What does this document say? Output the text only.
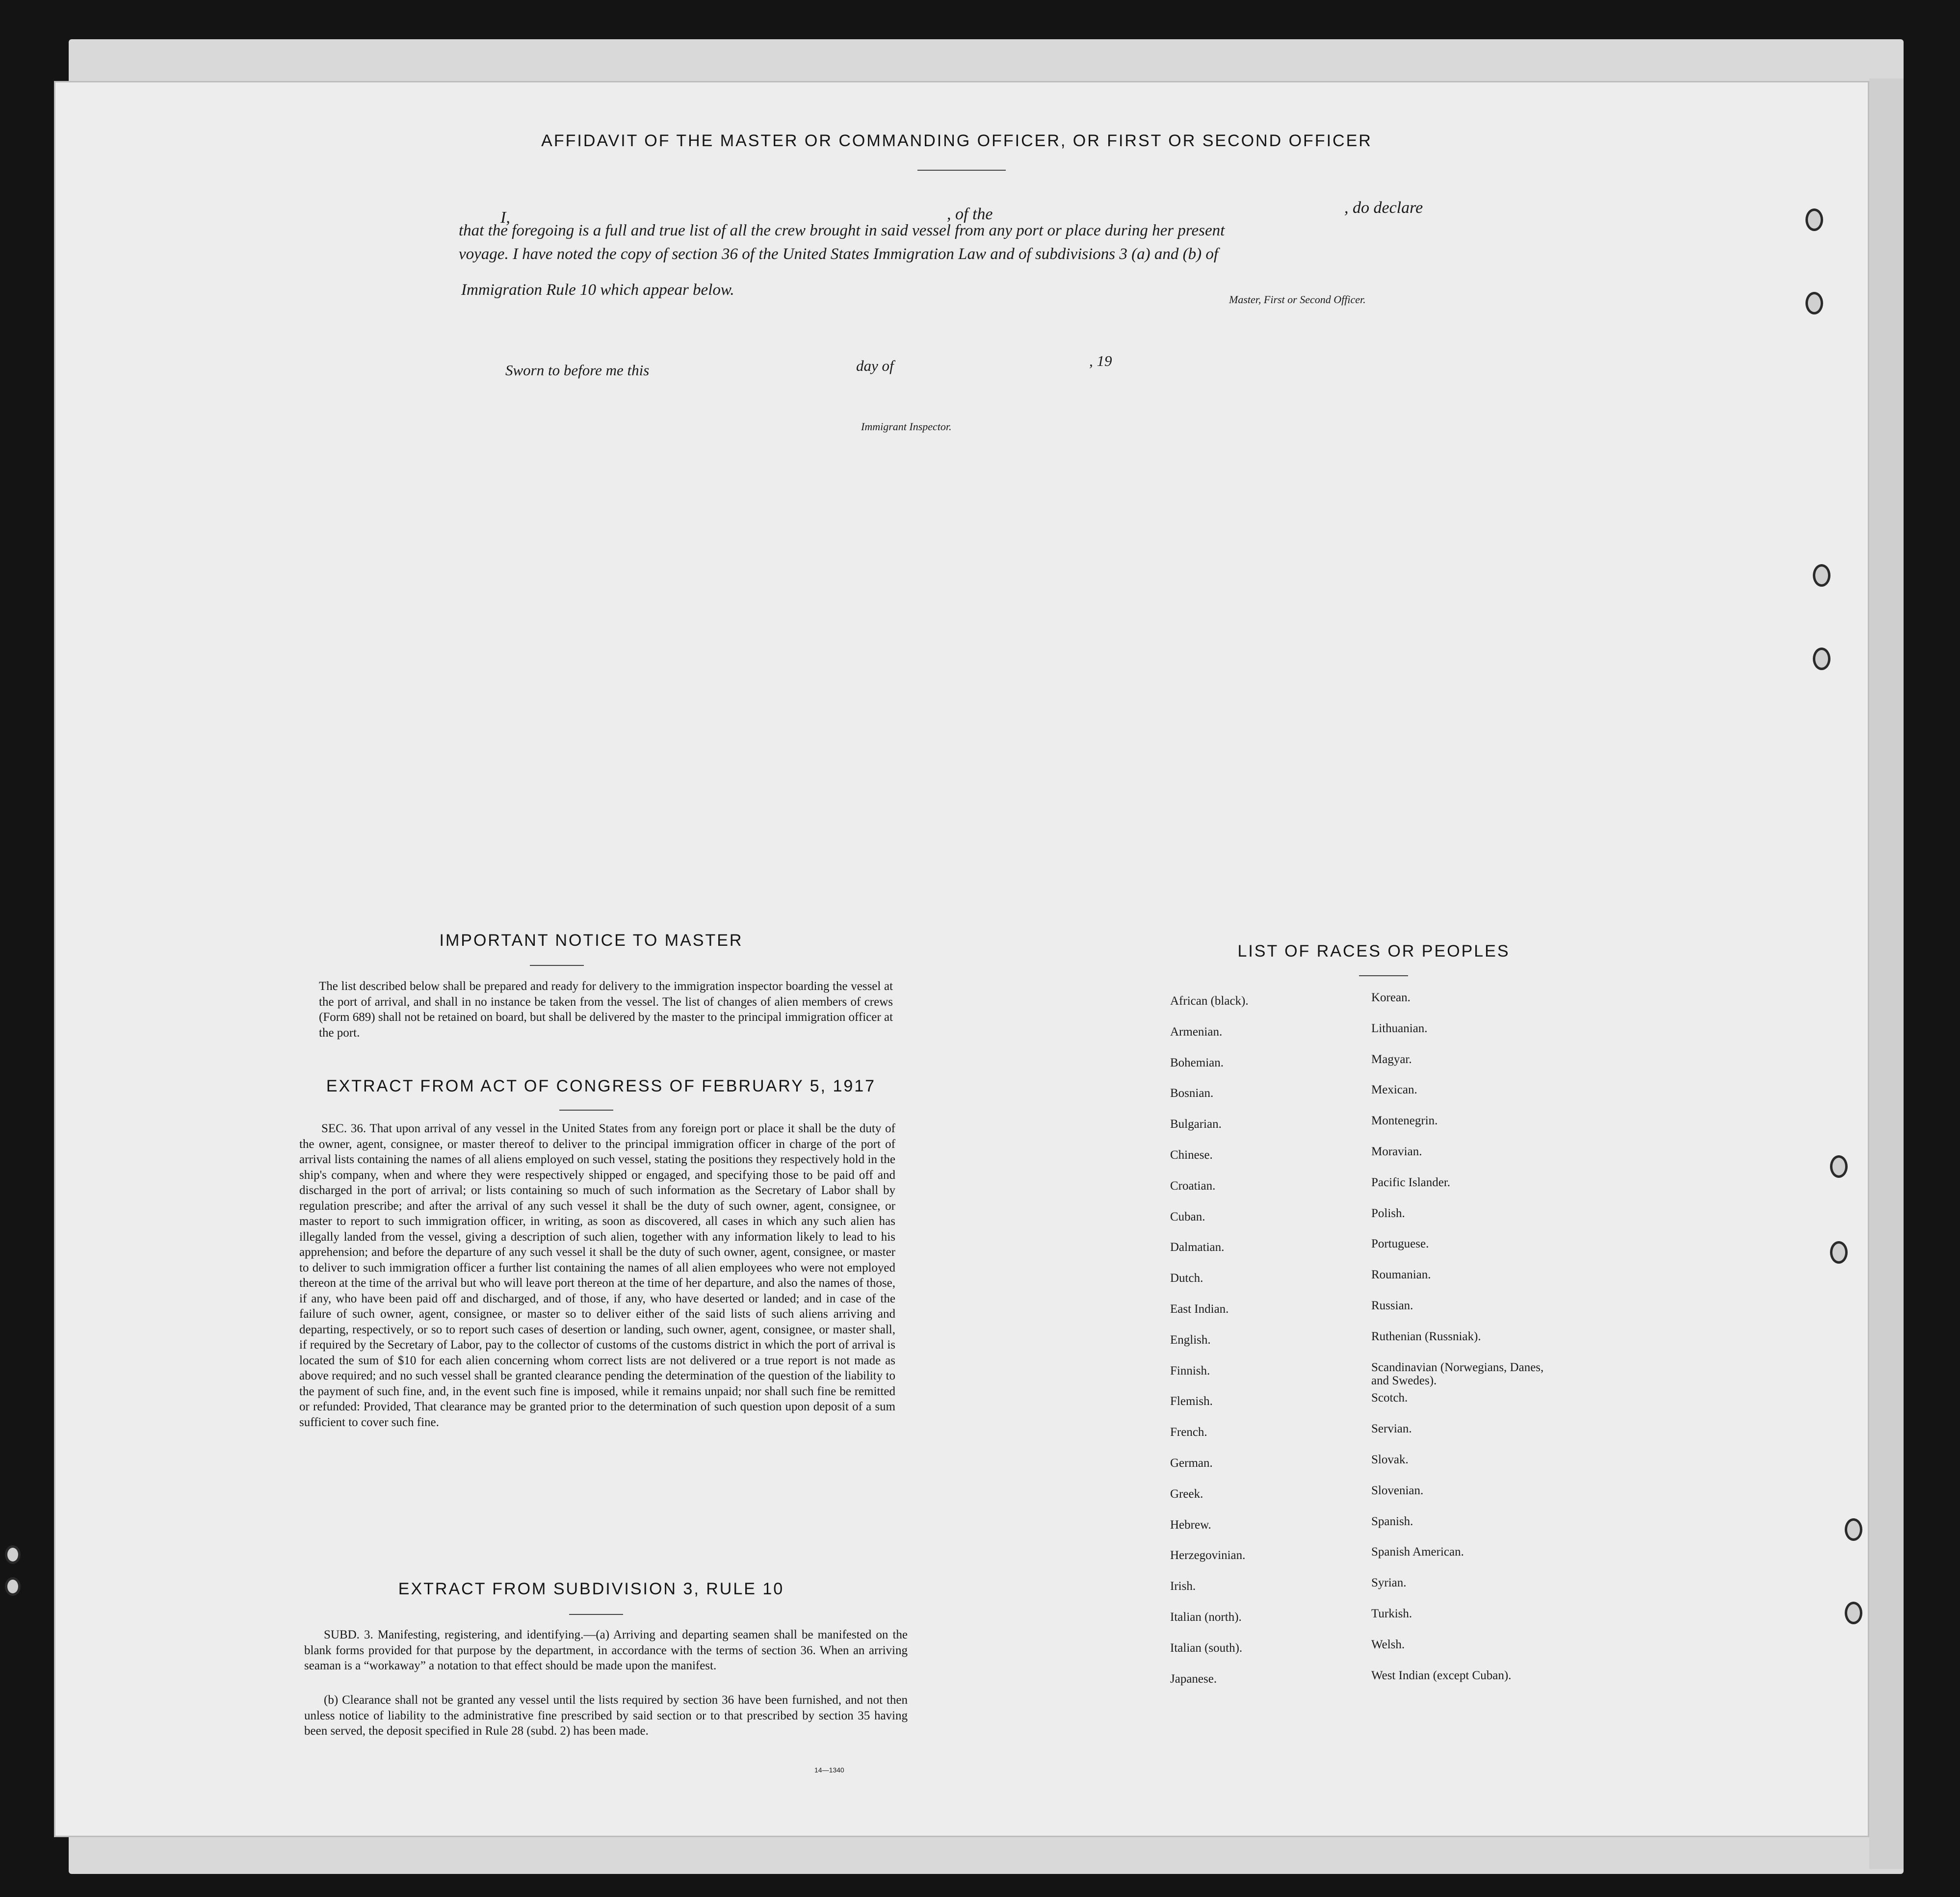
AFFIDAVIT OF THE MASTER OR COMMANDING OFFICER, OR FIRST OR SECOND OFFICER
I,	, of the	, do declare
that the foregoing is a full and true list of all the crew brought in said vessel from any port or place during her present
voyage. I have noted the copy of section 36 of the United States Immigration Law and of subdivisions 3 (a) and (b) of
Immigration Rule 10 which appear below.
Master, First or Second Officer.
Sworn to before me this	day of	, 19
Immigrant Inspector.
IMPORTANT NOTICE TO MASTER
The list described below shall be prepared and ready for delivery to the immigration inspector boarding the vessel at the port of arrival, and shall in no instance be taken from the vessel. The list of changes of alien members of crews (Form 689) shall not be retained on board, but shall be delivered by the master to the principal immigration officer at the port.
EXTRACT FROM ACT OF CONGRESS OF FEBRUARY 5, 1917
SEC. 36. That upon arrival of any vessel in the United States from any foreign port or place it shall be the duty of the owner, agent, consignee, or master thereof to deliver to the principal immigration officer in charge of the port of arrival lists containing the names of all aliens employed on such vessel, stating the positions they respectively hold in the ship's company, when and where they were respectively shipped or engaged, and specifying those to be paid off and discharged in the port of arrival; or lists containing so much of such information as the Secretary of Labor shall by regulation prescribe; and after the arrival of any such vessel it shall be the duty of such owner, agent, consignee, or master to report to such immigration officer, in writing, as soon as discovered, all cases in which any such alien has illegally landed from the vessel, giving a description of such alien, together with any information likely to lead to his apprehension; and before the departure of any such vessel it shall be the duty of such owner, agent, consignee, or master to deliver to such immigration officer a further list containing the names of all alien employees who were not employed thereon at the time of the arrival but who will leave port thereon at the time of her departure, and also the names of those, if any, who have been paid off and discharged, and of those, if any, who have deserted or landed; and in case of the failure of such owner, agent, consignee, or master so to deliver either of the said lists of such aliens arriving and departing, respectively, or so to report such cases of desertion or landing, such owner, agent, consignee, or master shall, if required by the Secretary of Labor, pay to the collector of customs of the customs district in which the port of arrival is located the sum of $10 for each alien concerning whom correct lists are not delivered or a true report is not made as above required; and no such vessel shall be granted clearance pending the determination of the question of the liability to the payment of such fine, and, in the event such fine is imposed, while it remains unpaid; nor shall such fine be remitted or refunded: Provided, That clearance may be granted prior to the determination of such question upon deposit of a sum sufficient to cover such fine.
EXTRACT FROM SUBDIVISION 3, RULE 10
SUBD. 3. Manifesting, registering, and identifying.—(a) Arriving and departing seamen shall be manifested on the blank forms provided for that purpose by the department, in accordance with the terms of section 36. When an arriving seaman is a “workaway” a notation to that effect should be made upon the manifest.
(b) Clearance shall not be granted any vessel until the lists required by section 36 have been furnished, and not then unless notice of liability to the administrative fine prescribed by said section or to that prescribed by section 35 having been served, the deposit specified in Rule 28 (subd. 2) has been made.
14—1340
LIST OF RACES OR PEOPLES
African (black).
Armenian.
Bohemian.
Bosnian.
Bulgarian.
Chinese.
Croatian.
Cuban.
Dalmatian.
Dutch.
East Indian.
English.
Finnish.
Flemish.
French.
German.
Greek.
Hebrew.
Herzegovinian.
Irish.
Italian (north).
Italian (south).
Japanese.
Korean.
Lithuanian.
Magyar.
Mexican.
Montenegrin.
Moravian.
Pacific Islander.
Polish.
Portuguese.
Roumanian.
Russian.
Ruthenian (Russniak).
Scandinavian (Norwegians, Danes, and Swedes).
Scotch.
Servian.
Slovak.
Slovenian.
Spanish.
Spanish American.
Syrian.
Turkish.
Welsh.
West Indian (except Cuban).
